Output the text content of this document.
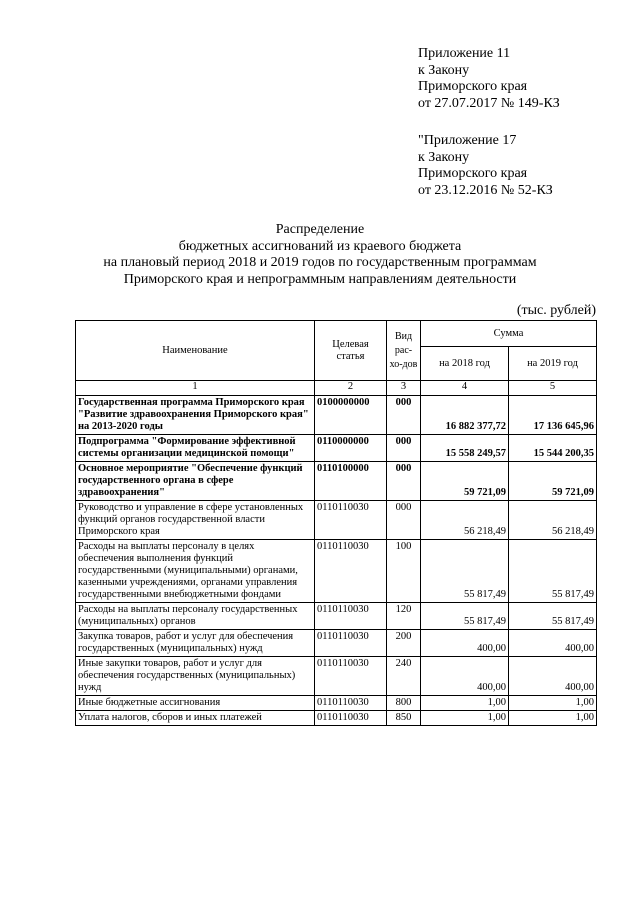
Приложение 11
к Закону
Приморского края
от 27.07.2017 № 149-КЗ
"Приложение 17
к Закону
Приморского края
от 23.12.2016 № 52-КЗ
Распределение
бюджетных ассигнований из краевого бюджета
на плановый период 2018 и 2019 годов по государственным программам
Приморского края и непрограммным направлениям деятельности
(тыс. рублей)
Наименование	Целевая статья	Вид рас-хо-дов	Сумма	
			на 2018 год	на 2019 год
1	2	3	4	5
Государственная программа Приморского края "Развитие здравоохранения Приморского края" на 2013-2020 годы	0100000000	000	16 882 377,72	17 136 645,96
Подпрограмма "Формирование эффективной системы организации медицинской помощи"	0110000000	000	15 558 249,57	15 544 200,35
Основное мероприятие "Обеспечение функций государственного органа в сфере здравоохранения"	0110100000	000	59 721,09	59 721,09
Руководство и управление в сфере установленных функций органов государственной власти Приморского края	0110110030	000	56 218,49	56 218,49
Расходы на выплаты персоналу в целях обеспечения выполнения функций государственными (муниципальными) органами, казенными учреждениями, органами управления государственными внебюджетными фондами	0110110030	100	55 817,49	55 817,49
Расходы на выплаты персоналу государственных (муниципальных) органов	0110110030	120	55 817,49	55 817,49
Закупка товаров, работ и услуг для обеспечения государственных (муниципальных) нужд	0110110030	200	400,00	400,00
Иные закупки товаров, работ и услуг для обеспечения государственных (муниципальных) нужд	0110110030	240	400,00	400,00
Иные бюджетные ассигнования	0110110030	800	1,00	1,00
Уплата налогов, сборов и иных платежей	0110110030	850	1,00	1,00
